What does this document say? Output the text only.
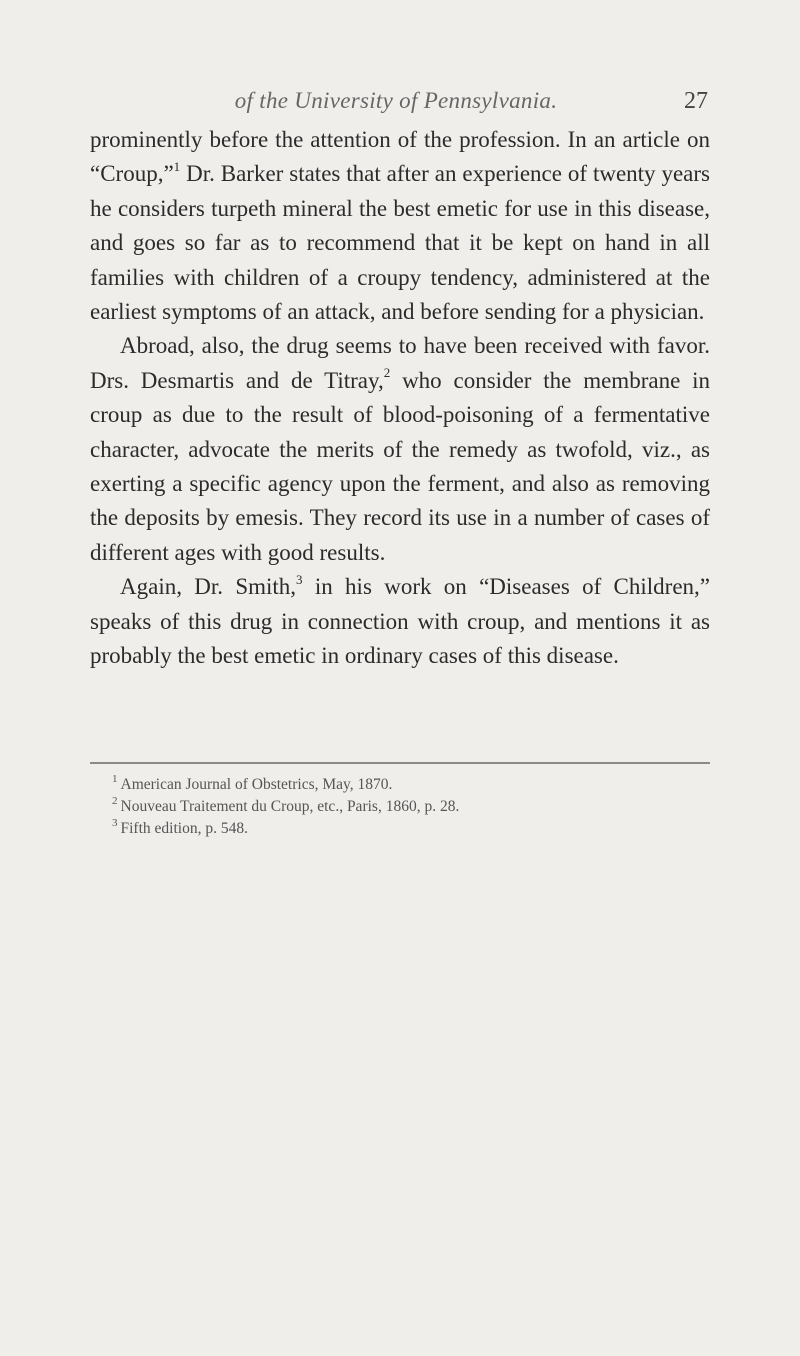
of the University of Pennsylvania.	27

prominently before the attention of the profession. In an article on “Croup,”$^1$ Dr. Barker states that after an experience of twenty years he considers turpeth mineral the best emetic for use in this disease, and goes so far as to recommend that it be kept on hand in all families with children of a croupy tendency, administered at the earliest symptoms of an attack, and before sending for a physician.

Abroad, also, the drug seems to have been received with favor. Drs. Desmartis and de Titray,$^2$ who consider the membrane in croup as due to the result of blood-poisoning of a fermentative character, advocate the merits of the remedy as twofold, viz., as exerting a specific agency upon the ferment, and also as removing the deposits by emesis. They record its use in a number of cases of different ages with good results.

Again, Dr. Smith,$^3$ in his work on “Diseases of Children,” speaks of this drug in connection with croup, and mentions it as probably the best emetic in ordinary cases of this disease.

$^1$ American Journal of Obstetrics, May, 1870.
$^2$ Nouveau Traitement du Croup, etc., Paris, 1860, p. 28.
$^3$ Fifth edition, p. 548.
